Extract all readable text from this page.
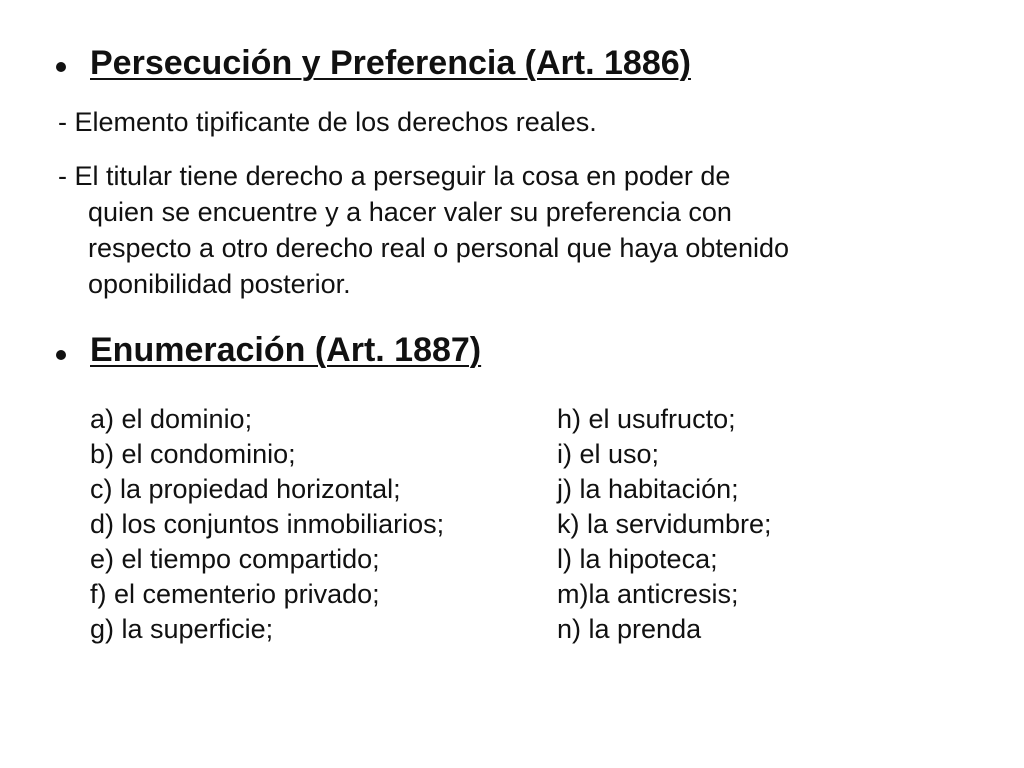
Persecución y Preferencia (Art. 1886)
- Elemento tipificante de los derechos reales.
- El titular tiene derecho a perseguir la cosa en poder de
quien se encuentre y a hacer valer su preferencia con
respecto a otro derecho real o personal que haya obtenido
oponibilidad posterior.
Enumeración (Art. 1887)
a) el dominio;
b) el condominio;
c) la propiedad horizontal;
d) los conjuntos inmobiliarios;
e) el tiempo compartido;
f) el cementerio privado;
g) la superficie;
h) el usufructo;
i) el uso;
j) la habitación;
k) la servidumbre;
l) la hipoteca;
m)la anticresis;
n) la prenda
